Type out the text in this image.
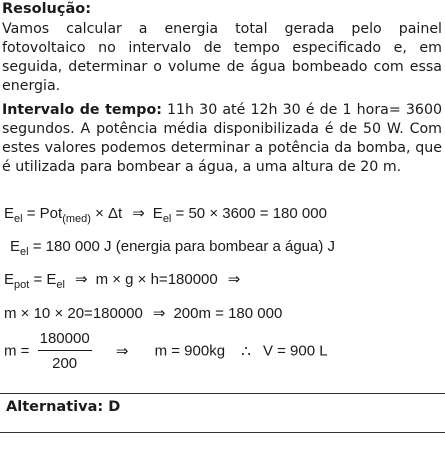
Resolução:
Vamos calcular a energia total gerada pelo painel fotovoltaico no intervalo de tempo especificado e, em seguida, determinar o volume de água bombeado com essa energia.
Intervalo de tempo: 11h 30 até 12h 30 é de 1 hora= 3600 segundos. A potência média disponibilizada é de 50 W. Com estes valores podemos determinar a potência da bomba, que é utilizada para bombear a água, a uma altura de 20 m.
$E_{el} = Pot_{(med)} \times \Delta t$ ⇒ $E_{el} = 50 \times 3600 = 180$ 000
$E_{el} = 180$ 000 J (energia para bombear a água) J
$E_{pot} = E_{el}$ ⇒ m × g × h=180000 ⇒
m × 10 × 20=180000 ⇒ 200m = 180 000
$m = \frac{180000}{200}$ ⇒ m = 900kg ∴ V = 900 L
Alternativa: D
